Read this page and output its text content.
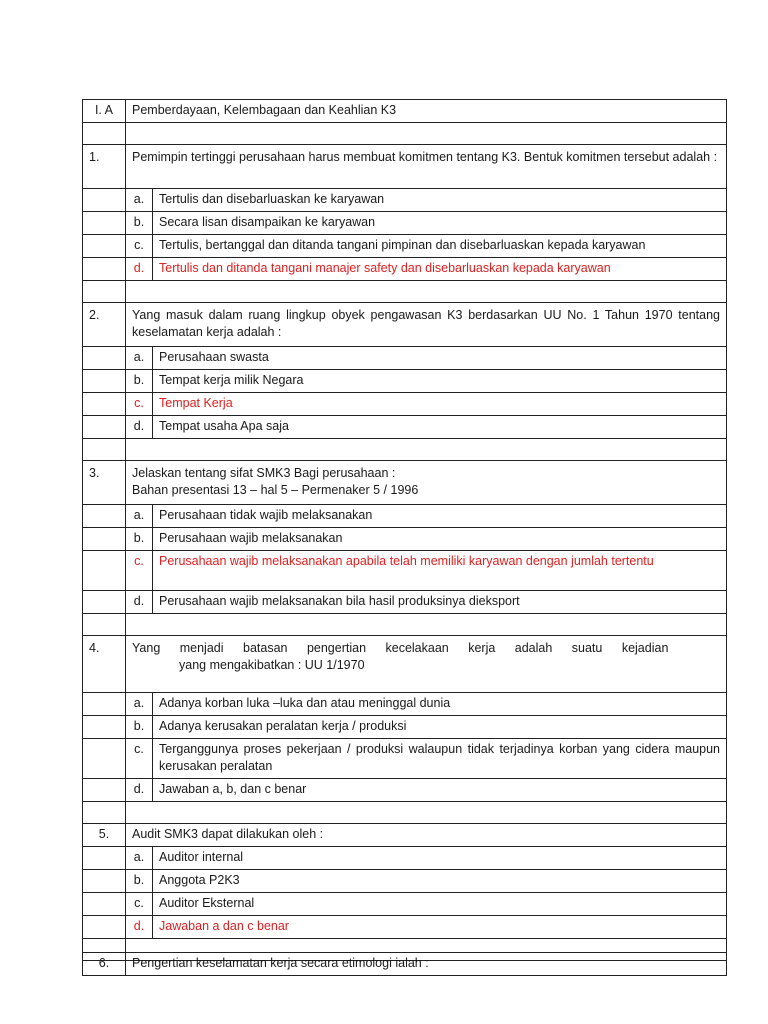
I. A	Pemberdayaan, Kelembagaan dan Keahlian K3	

1.	Pemimpin tertinggi perusahaan harus membuat komitmen tentang K3. Bentuk komitmen tersebut adalah :	
	a.	Tertulis dan disebarluaskan ke karyawan
	b.	Secara lisan disampaikan ke karyawan
	c.	Tertulis, bertanggal dan ditanda tangani pimpinan dan disebarluaskan kepada karyawan
	d.	Tertulis dan ditanda tangani manajer safety dan disebarluaskan kepada karyawan

2.	Yang masuk dalam ruang lingkup obyek pengawasan K3 berdasarkan UU No. 1 Tahun 1970 tentang keselamatan kerja adalah :	
	a.	Perusahaan swasta
	b.	Tempat kerja milik Negara
	c.	Tempat Kerja
	d.	Tempat usaha Apa saja

3.	Jelaskan tentang sifat SMK3 Bagi perusahaan :
Bahan presentasi 13 – hal 5 – Permenaker 5 / 1996	

	a.	Perusahaan tidak wajib melaksanakan
	b.	Perusahaan wajib melaksanakan
	c.	Perusahaan wajib melaksanakan apabila telah memiliki karyawan dengan jumlah tertentu
	d.	Perusahaan wajib melaksanakan bila hasil produksinya dieksport

4.	Yang menjadi batasan pengertian kecelakaan kerja adalah suatu kejadian
yang mengakibatkan : UU 1/1970	
	a.	Adanya korban luka –luka dan atau meninggal dunia
	b.	Adanya kerusakan peralatan kerja / produksi
	c.	Terganggunya proses pekerjaan / produksi walaupun tidak terjadinya korban yang cidera maupun kerusakan peralatan
	d.	Jawaban a, b, dan c benar

5.	Audit SMK3 dapat dilakukan oleh :	
	a.	Auditor internal
	b.	Anggota P2K3
	c.	Auditor Eksternal
	d.	Jawaban a dan c benar

6.	Pengertian keselamatan kerja secara etimologi ialah :
